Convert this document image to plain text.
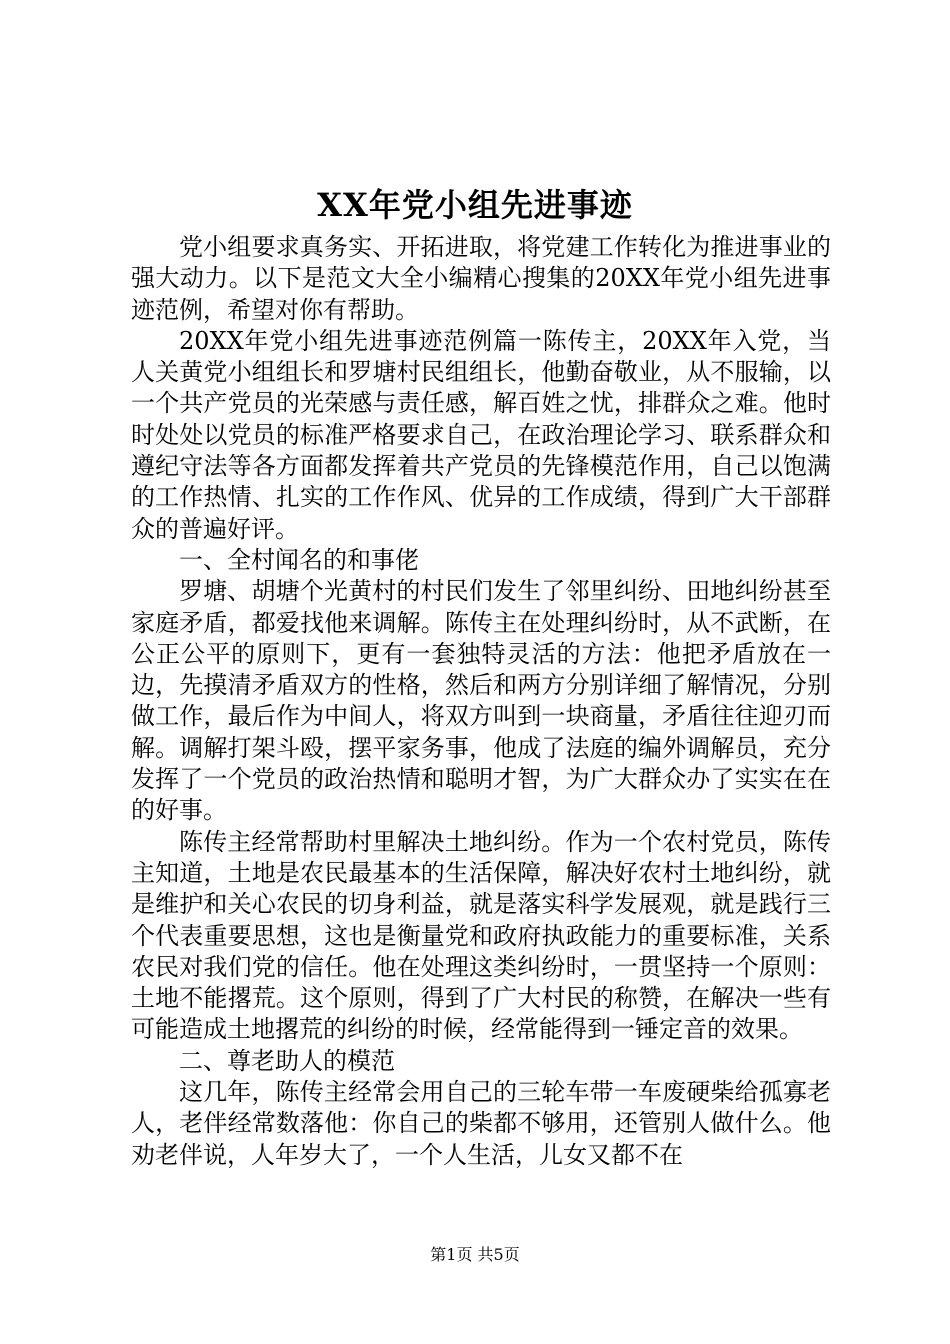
XX年党小组先进事迹

党小组要求真务实、开拓进取，将党建工作转化为推进事业的强大动力。以下是范文大全小编精心搜集的20XX年党小组先进事迹范例，希望对你有帮助。

20XX年党小组先进事迹范例篇一陈传主，20XX年入党，当人关黄党小组组长和罗塘村民组组长，他勤奋敬业，从不服输，以一个共产党员的光荣感与责任感，解百姓之忧，排群众之难。他时时处处以党员的标准严格要求自己，在政治理论学习、联系群众和遵纪守法等各方面都发挥着共产党员的先锋模范作用，自己以饱满的工作热情、扎实的工作作风、优异的工作成绩，得到广大干部群众的普遍好评。

一、全村闻名的和事佬

罗塘、胡塘个光黄村的村民们发生了邻里纠纷、田地纠纷甚至家庭矛盾，都爱找他来调解。陈传主在处理纠纷时，从不武断，在公正公平的原则下，更有一套独特灵活的方法：他把矛盾放在一边，先摸清矛盾双方的性格，然后和两方分别详细了解情况，分别做工作，最后作为中间人，将双方叫到一块商量，矛盾往往迎刃而解。调解打架斗殴，摆平家务事，他成了法庭的编外调解员，充分发挥了一个党员的政治热情和聪明才智，为广大群众办了实实在在的好事。

陈传主经常帮助村里解决土地纠纷。作为一个农村党员，陈传主知道，土地是农民最基本的生活保障，解决好农村土地纠纷，就是维护和关心农民的切身利益，就是落实科学发展观，就是践行三个代表重要思想，这也是衡量党和政府执政能力的重要标准，关系农民对我们党的信任。他在处理这类纠纷时，一贯坚持一个原则：土地不能撂荒。这个原则，得到了广大村民的称赞，在解决一些有可能造成土地撂荒的纠纷的时候，经常能得到一锤定音的效果。

二、尊老助人的模范

这几年，陈传主经常会用自己的三轮车带一车废硬柴给孤寡老人，老伴经常数落他：你自己的柴都不够用，还管别人做什么。他劝老伴说，人年岁大了，一个人生活，儿女又都不在

第1页 共5页
